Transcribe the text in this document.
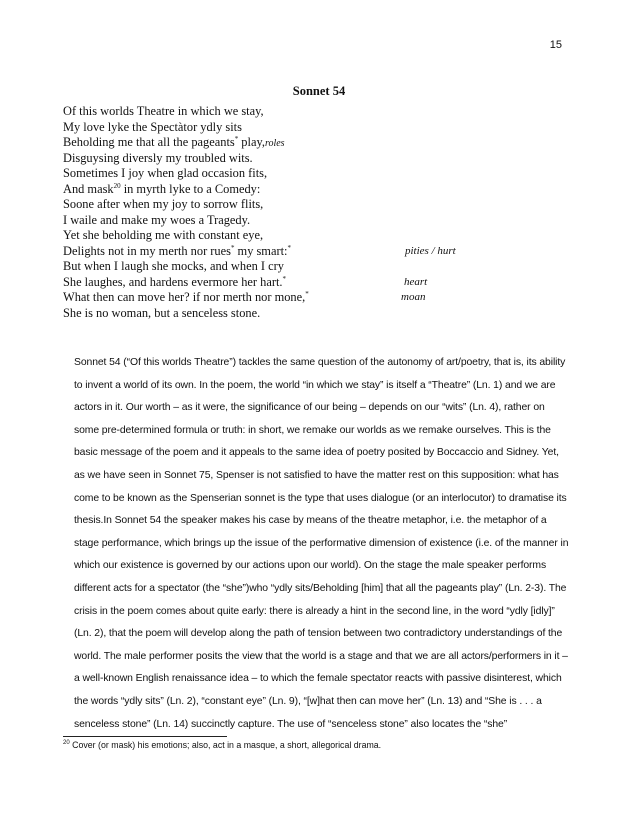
15
Sonnet 54
Of this worlds Theatre in which we stay,
My love lyke the Spectàtor ydly sits
Beholding me that all the pageants* play,roles
Disguysing diversly my troubled wits.
Sometimes I joy when glad occasion fits,
And mask$^{20}$ in myrth lyke to a Comedy:
Soone after when my joy to sorrow flits,
I waile and make my woes a Tragedy.
Yet she beholding me with constant eye,
Delights not in my merth nor rues* my smart:*	pities / hurt
But when I laugh she mocks, and when I cry
She laughes, and hardens evermore her hart.*	heart
What then can move her? if nor merth nor mone,*	moan
She is no woman, but a senceless stone.

Sonnet 54 (“Of this worlds Theatre”) tackles the same question of the autonomy of art/poetry, that is, its ability to invent a world of its own. In the poem, the world “in which we stay” is itself a “Theatre” (Ln. 1) and we are actors in it. Our worth – as it were, the significance of our being – depends on our “wits” (Ln. 4), rather on some pre-determined formula or truth: in short, we remake our worlds as we remake ourselves. This is the basic message of the poem and it appeals to the same idea of poetry posited by Boccaccio and Sidney. Yet, as we have seen in Sonnet 75, Spenser is not satisfied to have the matter rest on this supposition: what has come to be known as the Spenserian sonnet is the type that uses dialogue (or an interlocutor) to dramatise its thesis.In Sonnet 54 the speaker makes his case by means of the theatre metaphor, i.e. the metaphor of a stage performance, which brings up the issue of the performative dimension of existence (i.e. of the manner in which our existence is governed by our actions upon our world). On the stage the male speaker performs different acts for a spectator (the “she”)who “ydly sits/Beholding [him] that all the pageants play” (Ln. 2-3). The crisis in the poem comes about quite early: there is already a hint in the second line, in the word “ydly [idly]” (Ln. 2), that the poem will develop along the path of tension between two contradictory understandings of the world. The male performer posits the view that the world is a stage and that we are all actors/performers in it – a well-known English renaissance idea – to which the female spectator reacts with passive disinterest, which the words “ydly sits” (Ln. 2), “constant eye” (Ln. 9), “[w]hat then can move her” (Ln. 13) and “She is . . . a senceless stone” (Ln. 14) succinctly capture. The use of “senceless stone” also locates the “she”

$^{20}$ Cover (or mask) his emotions; also, act in a masque, a short, allegorical drama.
